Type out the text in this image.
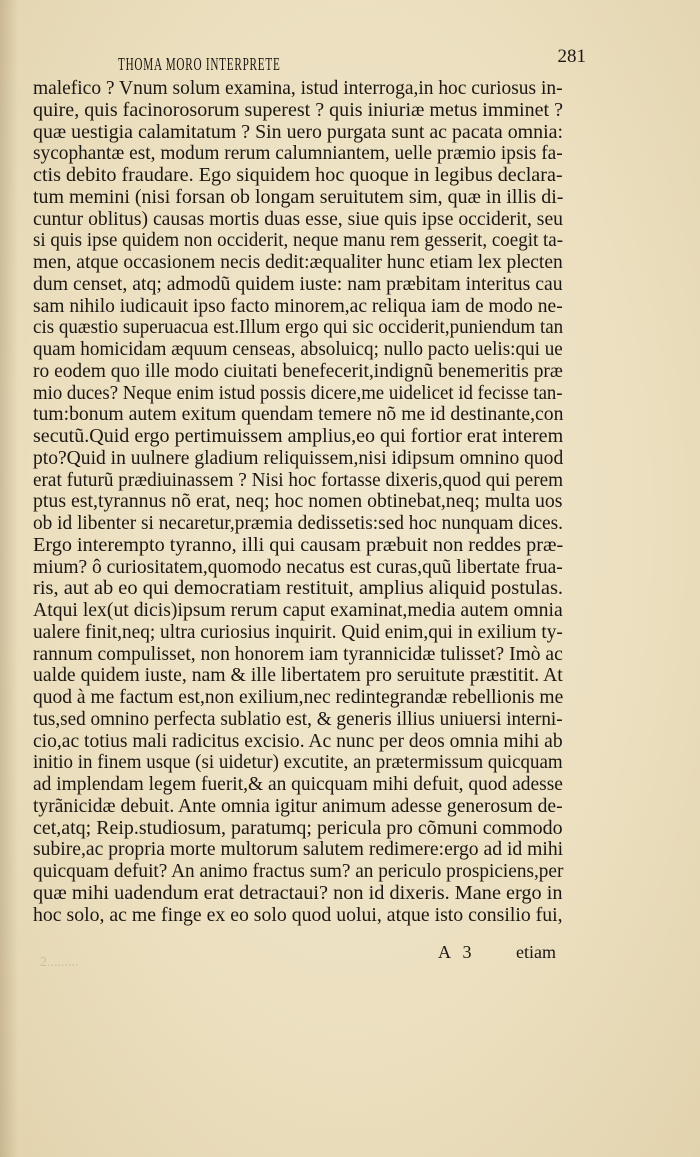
THOMA MORO INTERPRETE	281
malefico ? Vnum solum examina, istud interroga,in hoc curiosus in-
quire, quis facinorosorum superest ? quis iniuriæ metus imminet ?
quæ uestigia calamitatum ? Sin uero purgata sunt ac pacata omnia:
sycophantæ est, modum rerum calumniantem, uelle præmio ipsis fa-
ctis debito fraudare. Ego siquidem hoc quoque in legibus declara-
tum memini (nisi forsan ob longam seruitutem sim, quæ in illis di-
cuntur oblitus) causas mortis duas esse, siue quis ipse occiderit, seu
si quis ipse quidem non occiderit, neque manu rem gesserit, coegit ta-
men, atque occasionem necis dedit:æqualiter hunc etiam lex plecten
dum censet, atq; admodũ quidem iuste: nam præbitam interitus cau
sam nihilo iudicauit ipso facto minorem,ac reliqua iam de modo ne-
cis quæstio superuacua est.Illum ergo qui sic occiderit,puniendum tan
quam homicidam æquum censeas, absoluicq; nullo pacto uelis:qui ue
ro eodem quo ille modo ciuitati benefecerit,indignũ benemeritis præ
mio duces? Neque enim istud possis dicere,me uidelicet id fecisse tan-
tum:bonum autem exitum quendam temere nõ me id destinante,con
secutũ.Quid ergo pertimuissem amplius,eo qui fortior erat interem
pto?Quid in uulnere gladium reliquissem,nisi idipsum omnino quod
erat futurũ prædiuinassem ? Nisi hoc fortasse dixeris,quod qui perem
ptus est,tyrannus nõ erat, neq; hoc nomen obtinebat,neq; multa uos
ob id libenter si necaretur,præmia dedissetis:sed hoc nunquam dices.
Ergo interempto tyranno, illi qui causam præbuit non reddes præ-
mium? ô curiositatem,quomodo necatus est curas,quũ libertate frua-
ris, aut ab eo qui democratiam restituit, amplius aliquid postulas.
Atqui lex(ut dicis)ipsum rerum caput examinat,media autem omnia
ualere finit,neq; ultra curiosius inquirit. Quid enim,qui in exilium ty-
rannum compulisset, non honorem iam tyrannicidæ tulisset? Imò ac
ualde quidem iuste, nam & ille libertatem pro seruitute præstitit. At
quod à me factum est,non exilium,nec redintegrandæ rebellionis me
tus,sed omnino perfecta sublatio est, & generis illius uniuersi interni-
cio,ac totius mali radicitus excisio. Ac nunc per deos omnia mihi ab
initio in finem usque (si uidetur) excutite, an prætermissum quicquam
ad implendam legem fuerit,& an quicquam mihi defuit, quod adesse
tyrãnicidæ debuit. Ante omnia igitur animum adesse generosum de-
cet,atq; Reip.studiosum, paratumq; pericula pro cõmuni commodo
subire,ac propria morte multorum salutem redimere:ergo ad id mihi
quicquam defuit? An animo fractus sum? an periculo prospiciens,per
quæ mihi uadendum erat detractaui? non id dixeris. Mane ergo in
hoc solo, ac me finge ex eo solo quod uolui, atque isto consilio fui,
A 3 etiam
2.........
